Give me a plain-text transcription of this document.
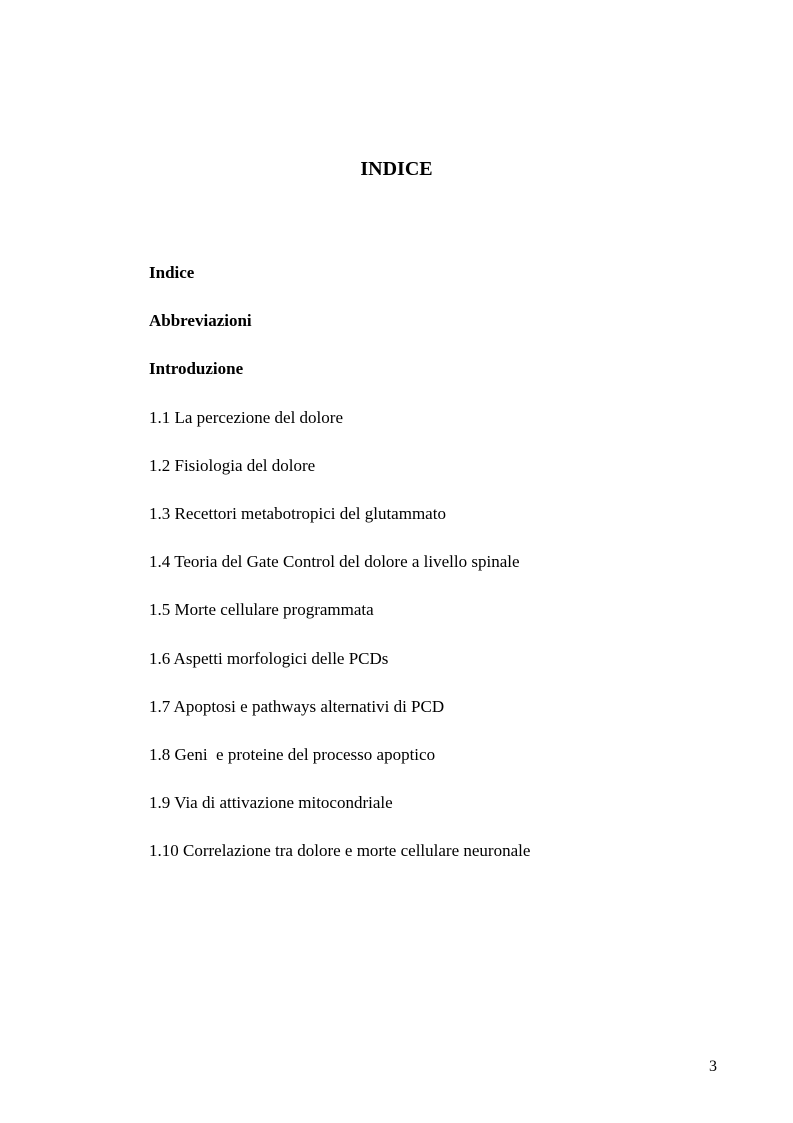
INDICE
Indice
Abbreviazioni
Introduzione
1.1 La percezione del dolore
1.2 Fisiologia del dolore
1.3 Recettori metabotropici del glutammato
1.4 Teoria del Gate Control del dolore a livello spinale
1.5 Morte cellulare programmata
1.6 Aspetti morfologici delle PCDs
1.7 Apoptosi e pathways alternativi di PCD
1.8 Geni  e proteine del processo apoptico
1.9 Via di attivazione mitocondriale
1.10 Correlazione tra dolore e morte cellulare neuronale
3
